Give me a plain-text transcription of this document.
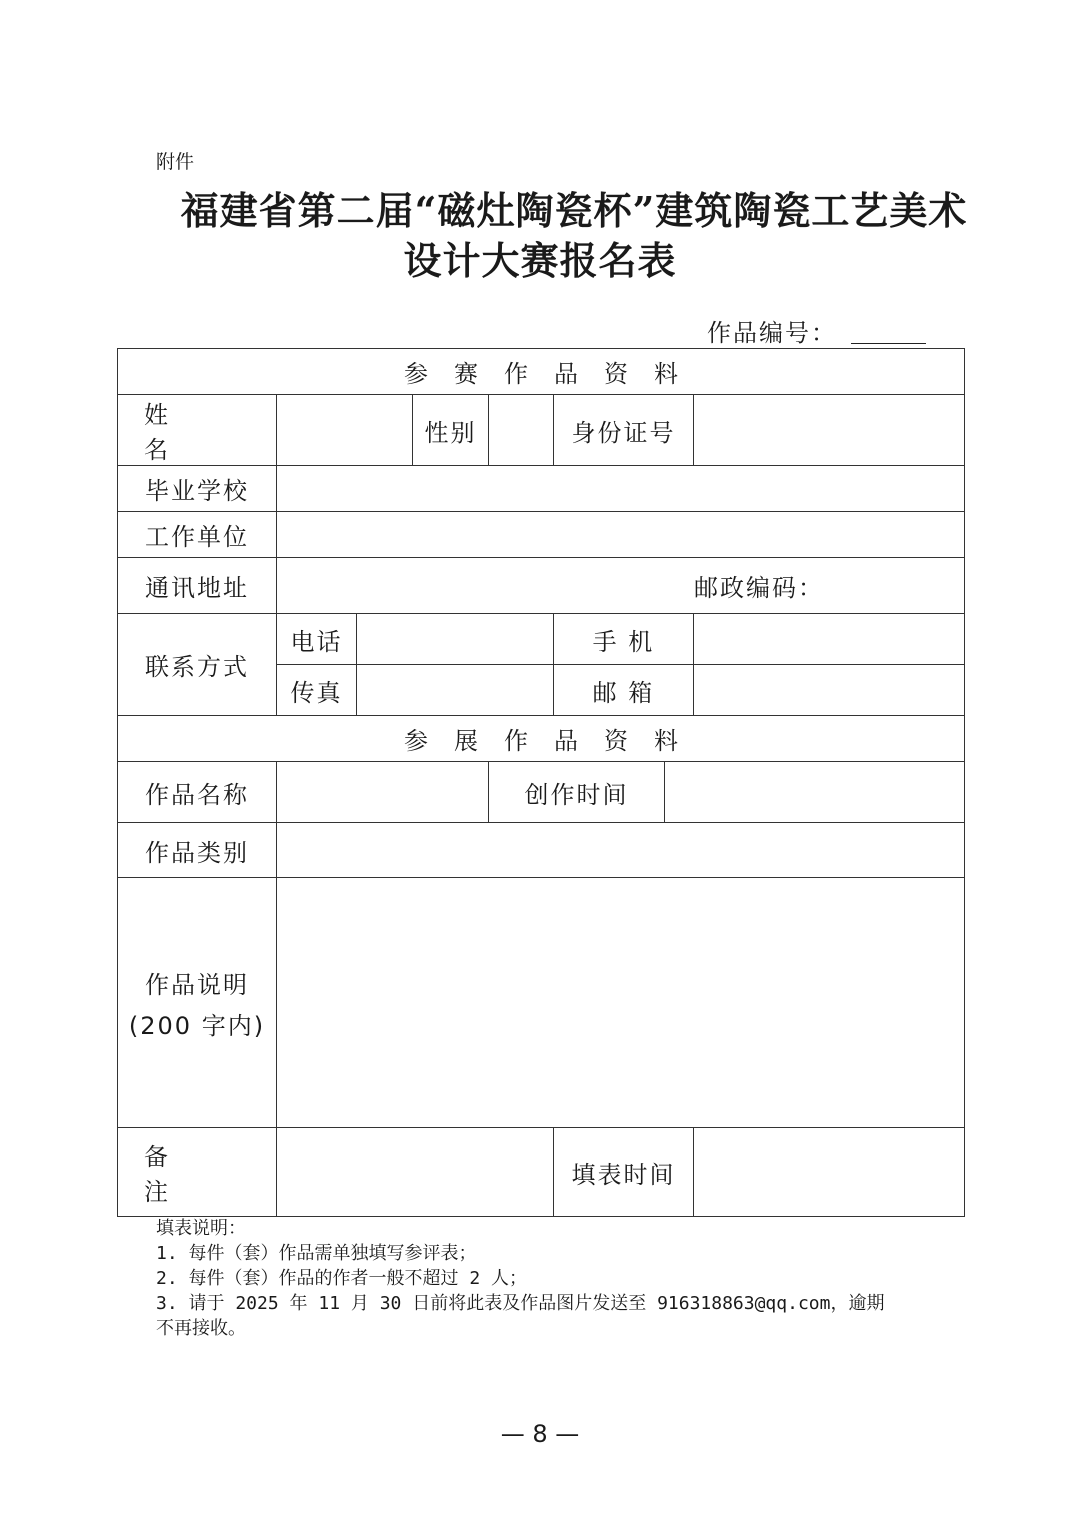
附件
福建省第二届“磁灶陶瓷杯”建筑陶瓷工艺美术
设计大赛报名表
作品编号：
参赛作品资料							
姓　名			性别		身份证号		
毕业学校							
工作单位							
通讯地址	邮政编码：						
联系方式	电话				手 机		
	传真				邮 箱		
参展作品资料							
作品名称				创作时间			
作品类别							

作品说明
(200 字内)							

备 注					填表时间		
填表说明：
1. 每件（套）作品需单独填写参评表；
2. 每件（套）作品的作者一般不超过 2 人；
3. 请于 2025 年 11 月 30 日前将此表及作品图片发送至 916318863@qq.com，逾期
不再接收。
— 8 —
